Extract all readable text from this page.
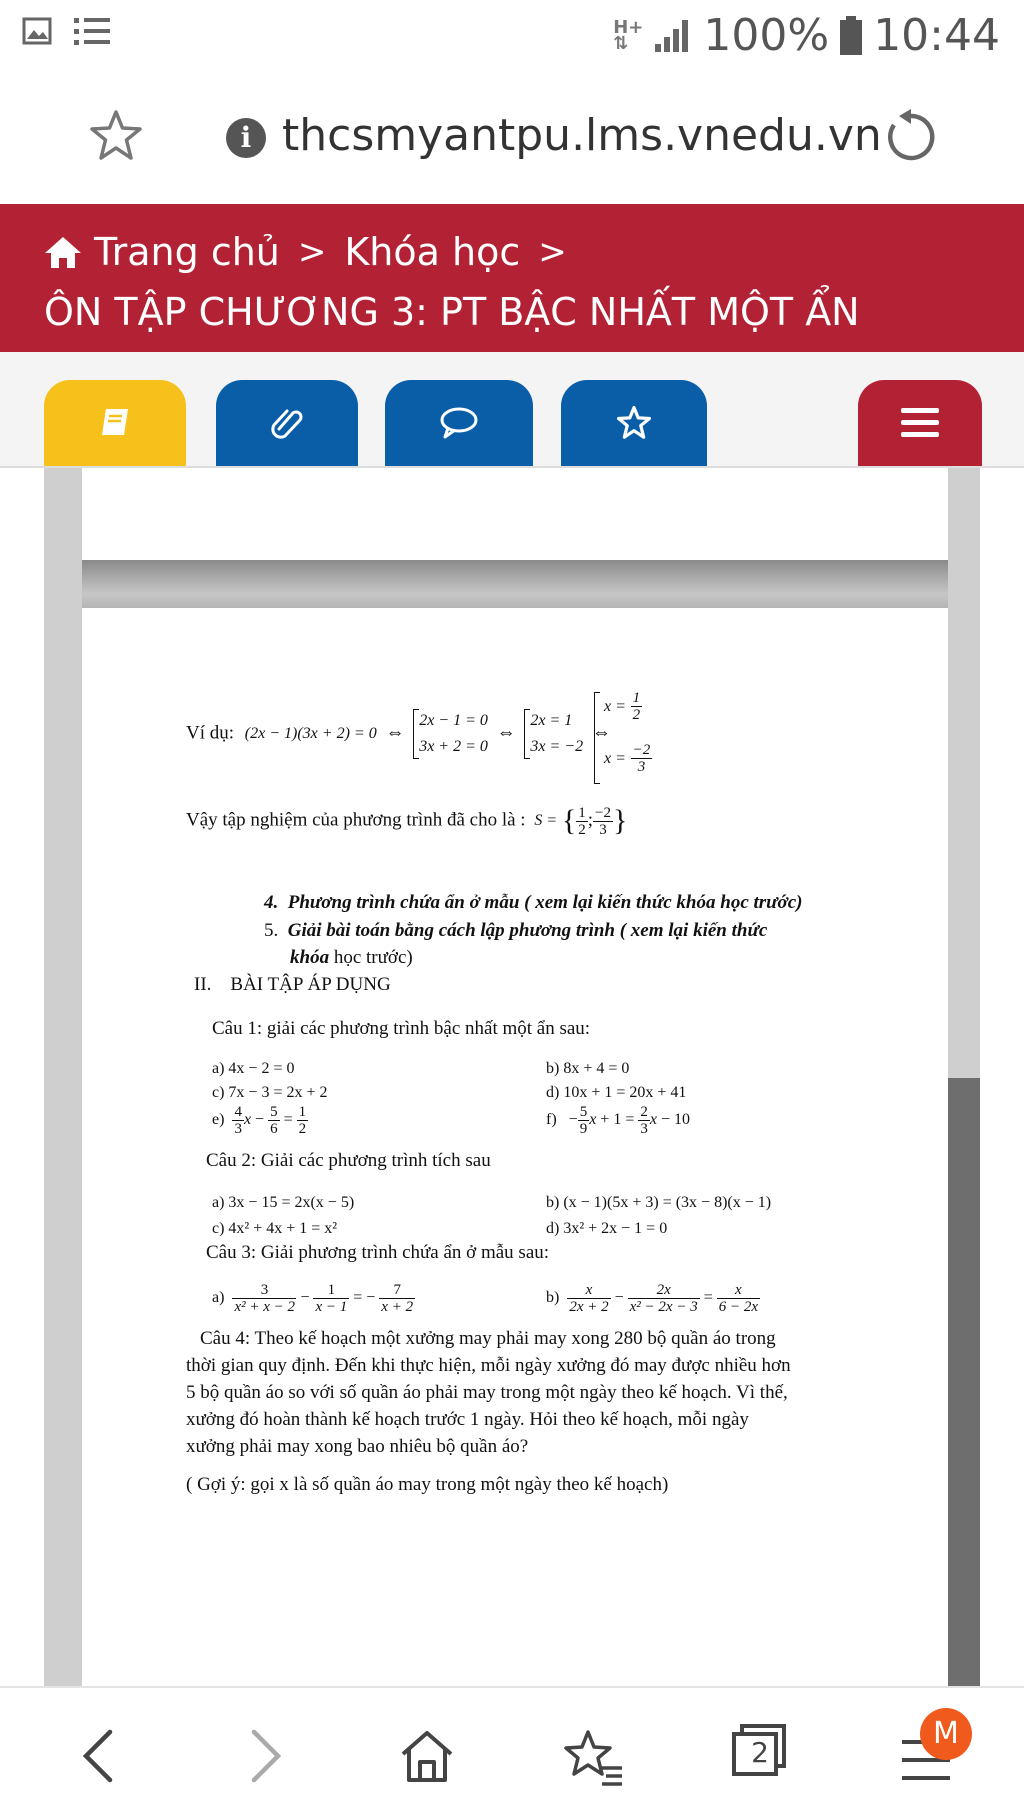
H+
⇅	100% 10:44
i thcsmyantpu.lms.vnedu.vn
Trang chủ > Khóa học >
ÔN TẬP CHƯƠNG 3: PT BẬC NHẤT MỘT ẨN
Ví dụ: (2x − 1)(3x + 2) = 0 ⇔ 2x − 1 = 0
3x + 2 = 0 ⇔ 2x = 1
3x = −2 ⇔
$x = \frac{1}{2}$
$x = \frac{-2}{3}$
Vậy tập nghiệm của phương trình đã cho là : S = { $\frac{1}{2}$ ; $\frac{-2}{3}$ }
4. Phương trình chứa ẩn ở mẫu ( xem lại kiến thức khóa học trước)
5. Giải bài toán bằng cách lập phương trình ( xem lại kiến thức
khóa học trước)
II. BÀI TẬP ÁP DỤNG
Câu 1: giải các phương trình bậc nhất một ẩn sau:
a) 4x − 2 = 0	b) 8x + 4 = 0
c) 7x − 3 = 2x + 2	d) 10x + 1 = 20x + 41
$e) \frac{4}{3}$ $x - \frac{5}{6} = \frac{1}{2}$	$f) - \frac{5}{9}$ $x + 1 = \frac{2}{3}$ x − 10
Câu 2: Giải các phương trình tích sau
a) 3x − 15 = 2x(x − 5)	b) (x − 1)(5x + 3) = (3x − 8)(x − 1)
c) 4x² + 4x + 1 = x²	d) 3x² + 2x − 1 = 0
Câu 3: Giải phương trình chứa ẩn ở mẫu sau:
$a) \frac{3}{\text{x² + x − 2}} - \frac{1}{x - 1}$ = − $\frac{7}{x + 2}$	$b) \frac{x}{2x + 2} - \frac{2x}{\text{x² − 2x − 3}} = \frac{x}{6 - 2x}$
Câu 4: Theo kế hoạch một xưởng may phải may xong 280 bộ quần áo trong
thời gian quy định. Đến khi thực hiện, mỗi ngày xưởng đó may được nhiều hơn
5 bộ quần áo so với số quần áo phải may trong một ngày theo kế hoạch. Vì thế,
xưởng đó hoàn thành kế hoạch trước 1 ngày. Hỏi theo kế hoạch, mỗi ngày
xưởng phải may xong bao nhiêu bộ quần áo?
( Gợi ý: gọi x là số quần áo may trong một ngày theo kế hoạch)
2
M
